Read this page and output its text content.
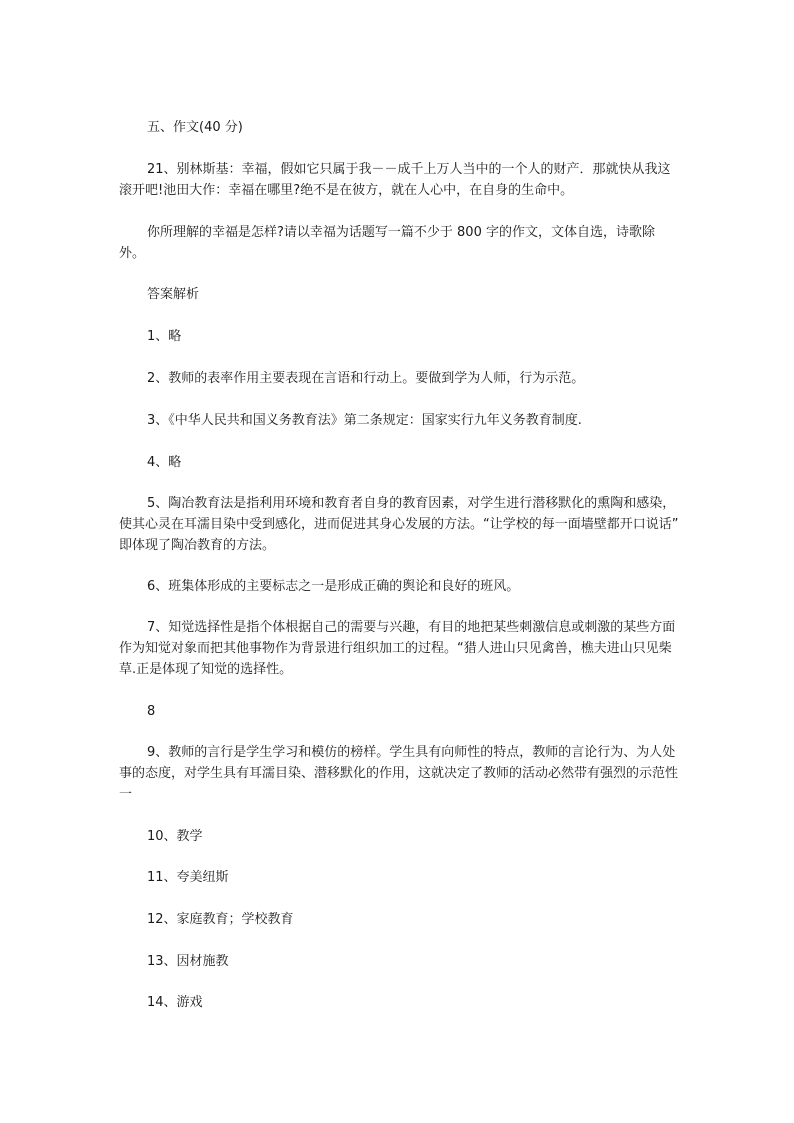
五、作文(40 分)

21、别林斯基：幸福，假如它只属于我－－成千上万人当中的一个人的财产．那就快从我这滚开吧!池田大作：幸福在哪里?绝不是在彼方，就在人心中，在自身的生命中。

你所理解的幸福是怎样?请以幸福为话题写一篇不少于 800 字的作文，文体自选，诗歌除外。

答案解析

1、略

2、教师的表率作用主要表现在言语和行动上。要做到学为人师，行为示范。

3、《中华人民共和国义务教育法》第二条规定：国家实行九年义务教育制度.

4、略

5、陶冶教育法是指利用环境和教育者自身的教育因素，对学生进行潜移默化的熏陶和感染，使其心灵在耳濡目染中受到感化，进而促进其身心发展的方法。“让学校的每一面墙壁都开口说话” 即体现了陶冶教育的方法。

6、班集体形成的主要标志之一是形成正确的舆论和良好的班风。

7、知觉选择性是指个体根据自己的需要与兴趣，有目的地把某些刺激信息或刺激的某些方面作为知觉对象而把其他事物作为背景进行组织加工的过程。“猎人进山只见禽兽，樵夫进山只见柴草.正是体现了知觉的选择性。

8

9、教师的言行是学生学习和模仿的榜样。学生具有向师性的特点，教师的言论行为、为人处事的态度，对学生具有耳濡目染、潜移默化的作用，这就决定了教师的活动必然带有强烈的示范性一

10、教学

11、夸美纽斯

12、家庭教育；学校教育

13、因材施教

14、游戏
